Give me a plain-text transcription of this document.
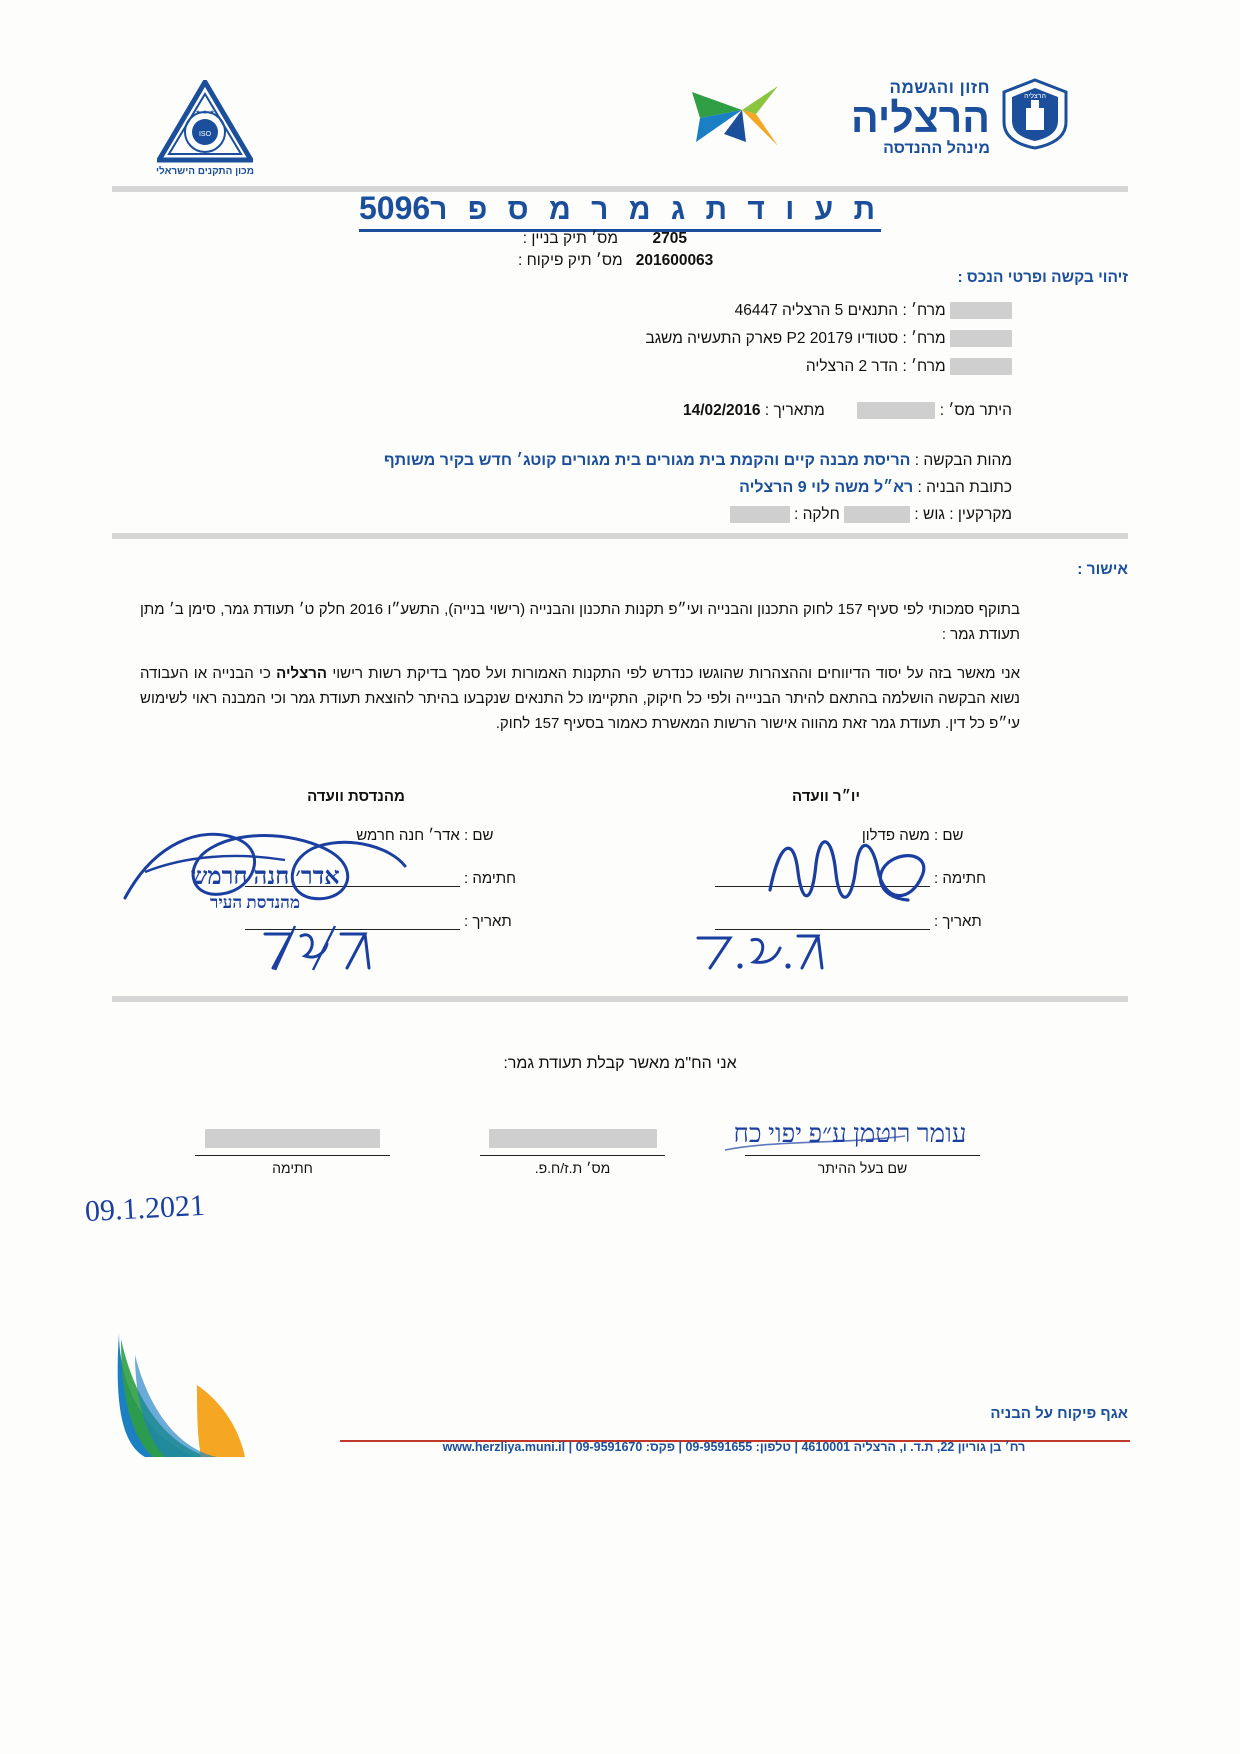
ISO
★ ★ ★
מכון התקנים הישראלי
הרצליה
חזון והגשמה
הרצליה
מינהל ההנדסה
ת ע ו ד ת ג מ ר מ ס פ ר5096
2705 מס׳ תיק בניין :
201600063 מס׳ תיק פיקוח :
זיהוי בקשה ופרטי הנכס :
מרח׳ : התנאים 5 הרצליה 46447
מרח׳ : סטודיו P2 20179 פארק התעשיה משגב
מרח׳ : הדר 2 הרצליה
היתר מס׳ :   מתאריך : 14/02/2016
מהות הבקשה : הריסת מבנה קיים והקמת בית מגורים בית מגורים קוטג׳ חדש בקיר משותף
כתובת הבניה : רא״ל משה לוי 9 הרצליה
מקרקעין : גוש :  חלקה :
אישור :
בתוקף סמכותי לפי סעיף 157 לחוק התכנון והבנייה ועי״פ תקנות התכנון והבנייה (רישוי בנייה), התשע״ו 2016 חלק ט׳ תעודת גמר, סימן ב׳ מתן תעודת גמר :
אני מאשר בזה על יסוד הדיווחים וההצהרות שהוגשו כנדרש לפי התקנות האמורות ועל סמך בדיקת רשות רישוי הרצליה כי הבנייה או העבודה נשוא הבקשה הושלמה בהתאם להיתר הבניייה ולפי כל חיקוק, התקיימו כל התנאים שנקבעו בהיתר להוצאת תעודת גמר וכי המבנה ראוי לשימוש עי״פ כל דין. תעודת גמר זאת מהווה אישור הרשות המאשרת כאמור בסעיף 157 לחוק.
יו״ר וועדה
שם : משה פדלון
חתימה :
תאריך :
מהנדסת וועדה
שם : אדר׳ חנה חרמש
חתימה :
תאריך :
אדר׳ חנה חרמש
מהנדסת העיר
אני הח"מ מאשר קבלת תעודת גמר:
חתימה	מס׳ ת.ז/ח.פ.	שם בעל ההיתר
עומר רוטמן ע״פ יפוי כח
09.1.2021
אגף פיקוח על הבניה
רח׳ בן גוריון 22, ת.ד. ו, הרצליה 4610001 | טלפון: 09-9591655 | פקס: 09-9591670 | www.herzliya.muni.il
